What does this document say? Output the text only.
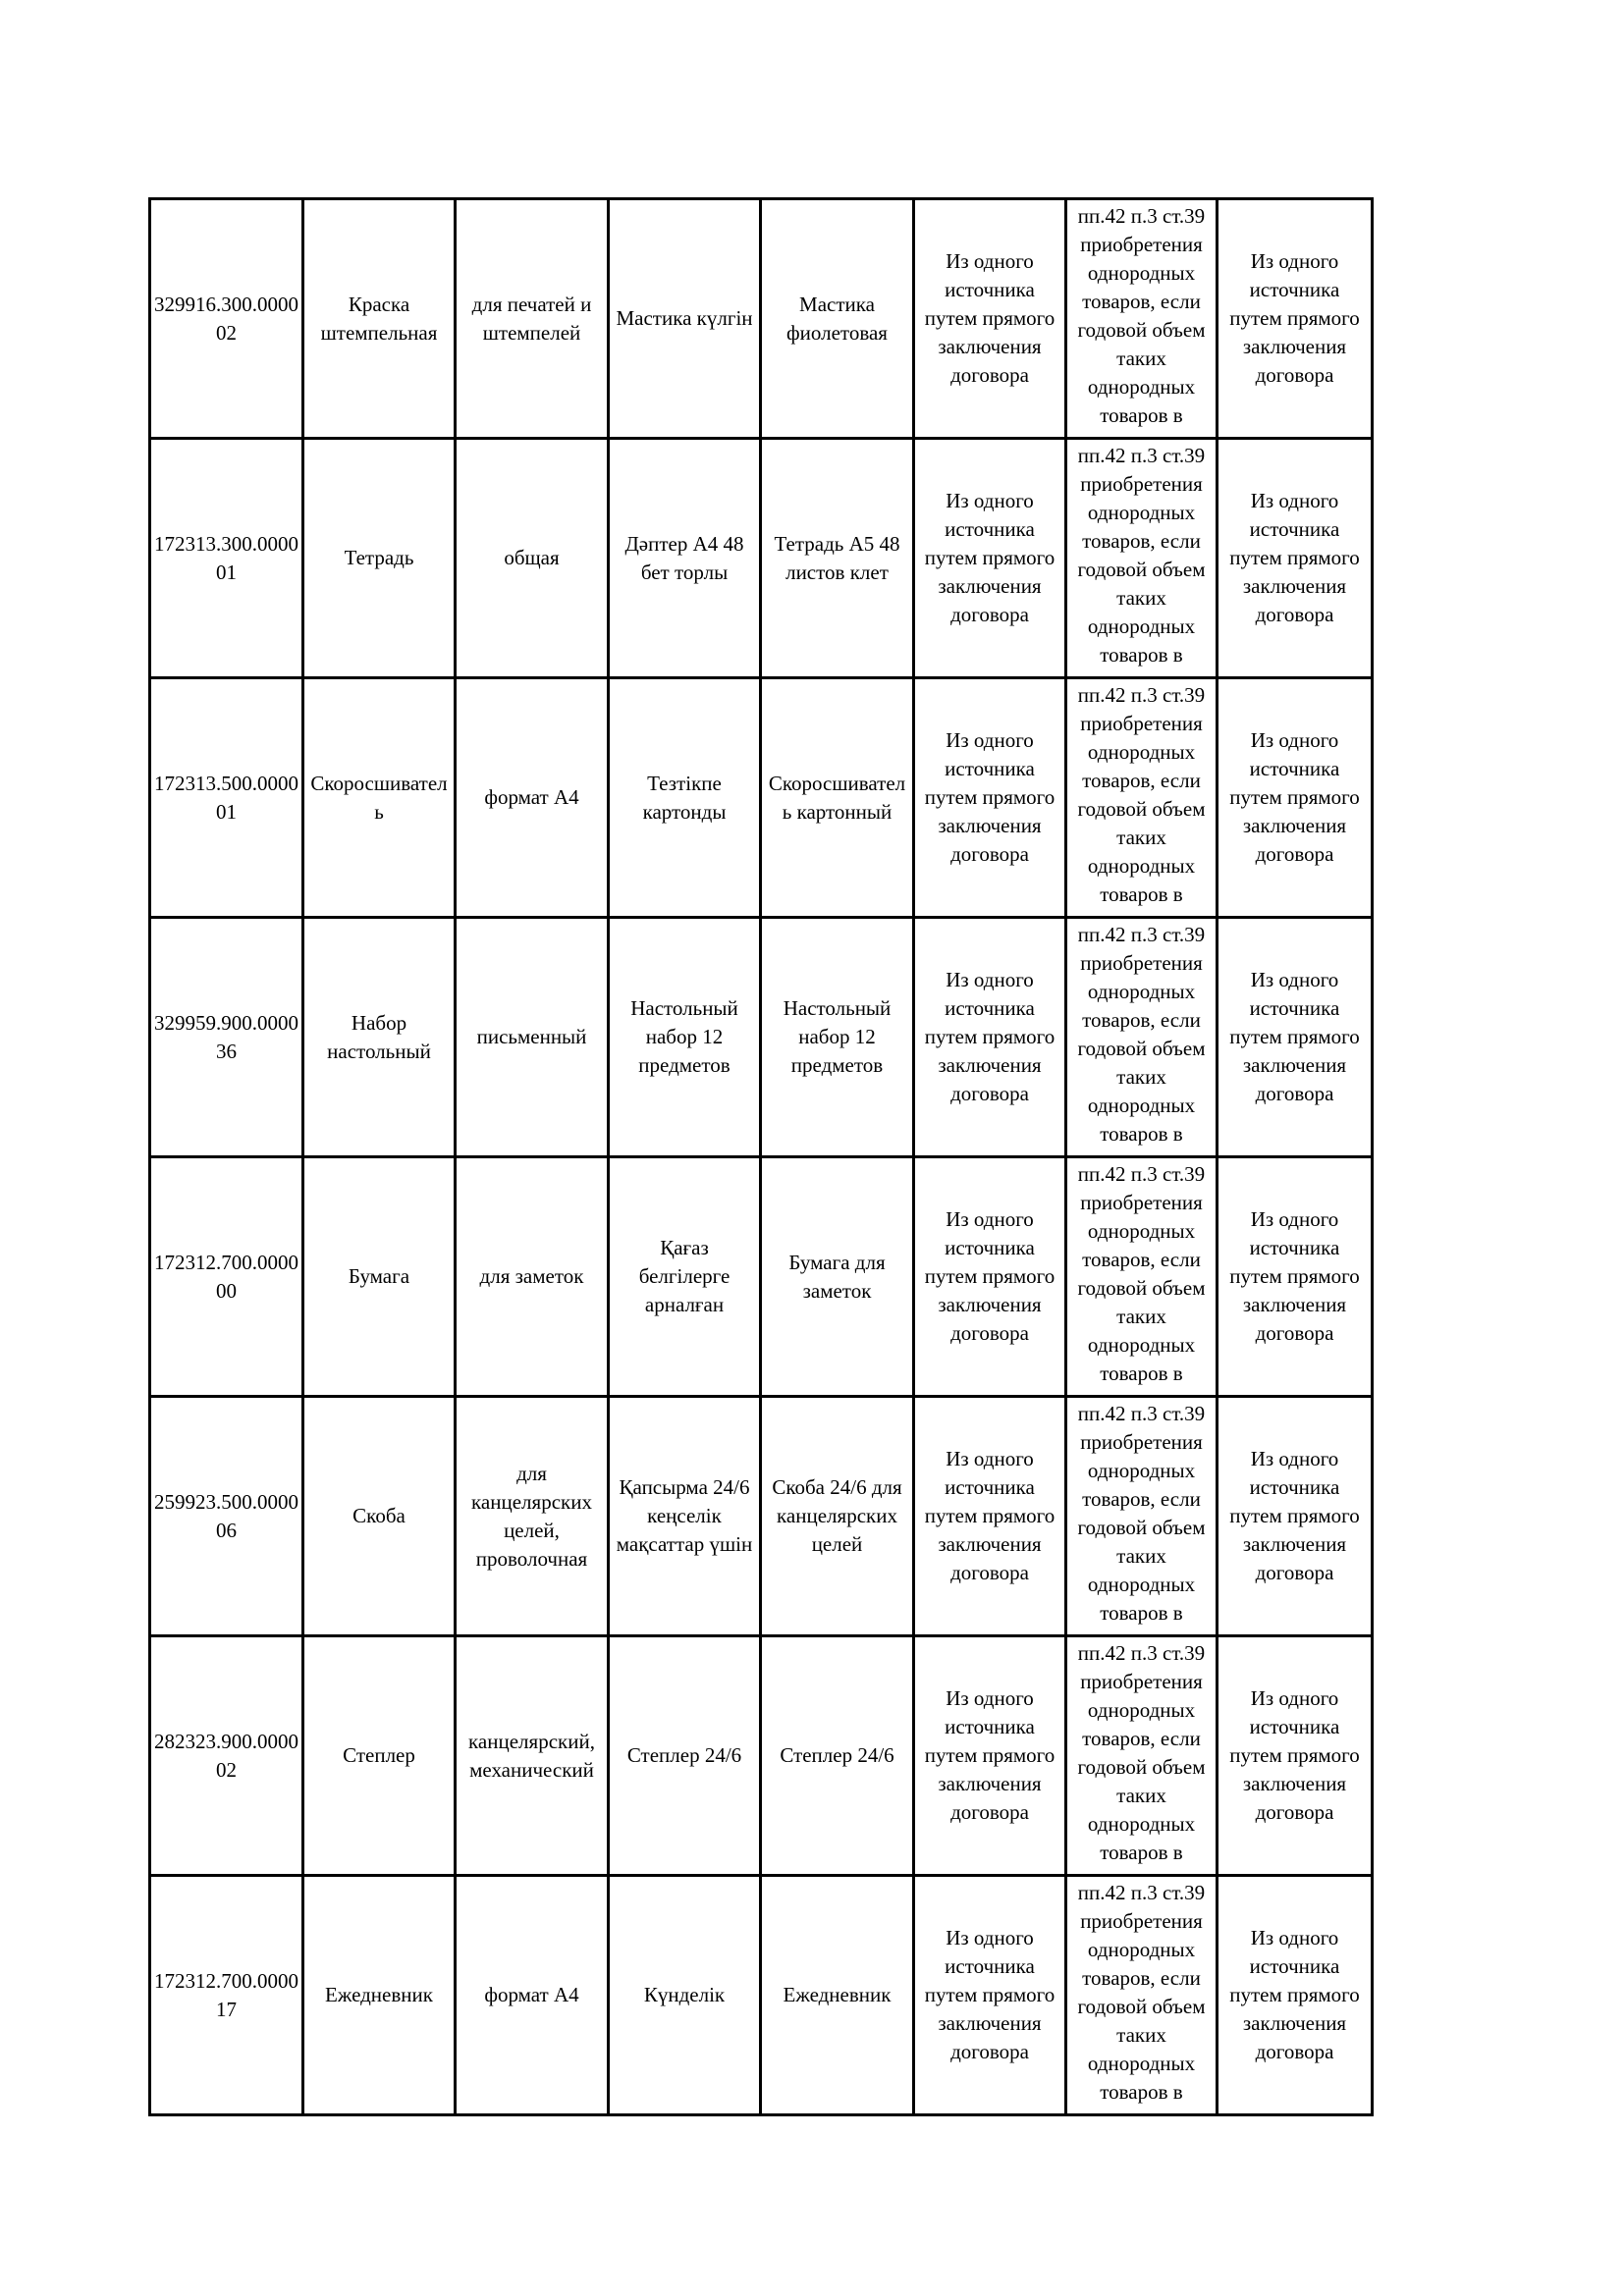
329916.300.000002	Краска штемпельная	для печатей и штемпелей	Мастика күлгін	Мастика фиолетовая	Из одного источника путем прямого заключения договора	пп.42 п.3 ст.39 приобретения однородных товаров, если годовой объем таких однородных товаров в	Из одного источника путем прямого заключения договора

172313.300.000001	Тетрадь	общая	Дәптер А4 48 бет торлы	Тетрадь А5 48 листов клет	Из одного источника путем прямого заключения договора	пп.42 п.3 ст.39 приобретения однородных товаров, если годовой объем таких однородных товаров в	Из одного источника путем прямого заключения договора

172313.500.000001	Скоросшиватель	формат А4	Тезтікпе картонды	Скоросшиватель картонный	Из одного источника путем прямого заключения договора	пп.42 п.3 ст.39 приобретения однородных товаров, если годовой объем таких однородных товаров в	Из одного источника путем прямого заключения договора

329959.900.000036	Набор настольный	письменный	Настольный набор 12 предметов	Настольный набор 12 предметов	Из одного источника путем прямого заключения договора	пп.42 п.3 ст.39 приобретения однородных товаров, если годовой объем таких однородных товаров в	Из одного источника путем прямого заключения договора

172312.700.000000	Бумага	для заметок	Қағаз белгілерге арналған	Бумага для заметок	Из одного источника путем прямого заключения договора	пп.42 п.3 ст.39 приобретения однородных товаров, если годовой объем таких однородных товаров в	Из одного источника путем прямого заключения договора

259923.500.000006	Скоба	для канцелярских целей, проволочная	Қапсырма 24/6 кеңселік мақсаттар үшін	Скоба 24/6 для канцелярских целей	Из одного источника путем прямого заключения договора	пп.42 п.3 ст.39 приобретения однородных товаров, если годовой объем таких однородных товаров в	Из одного источника путем прямого заключения договора

282323.900.000002	Степлер	канцелярский, механический	Степлер 24/6	Степлер 24/6	Из одного источника путем прямого заключения договора	пп.42 п.3 ст.39 приобретения однородных товаров, если годовой объем таких однородных товаров в	Из одного источника путем прямого заключения договора

172312.700.000017	Ежедневник	формат А4	Күнделік	Ежедневник	Из одного источника путем прямого заключения договора	пп.42 п.3 ст.39 приобретения однородных товаров, если годовой объем таких однородных товаров в	Из одного источника путем прямого заключения договора
